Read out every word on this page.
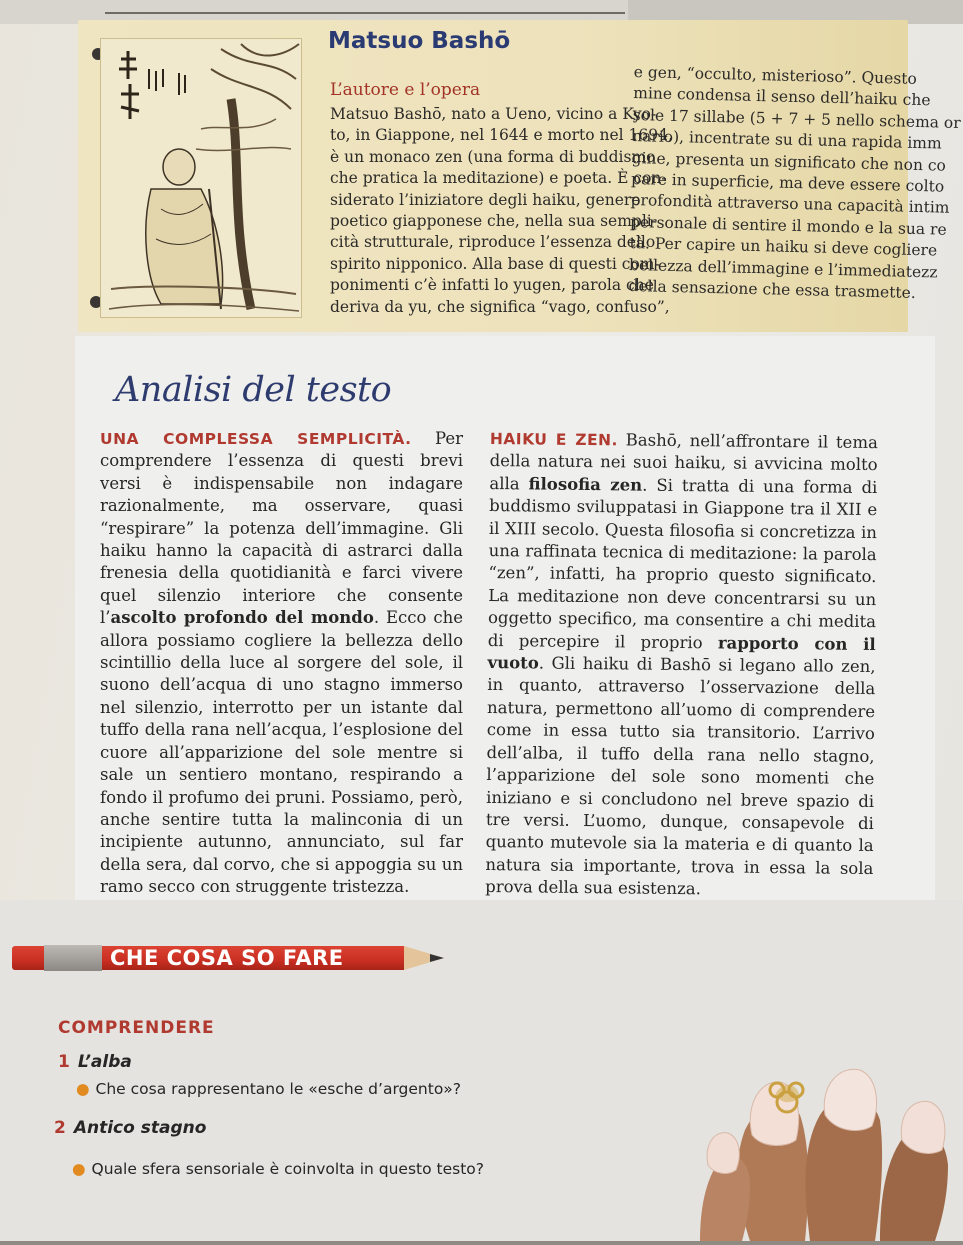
Matsuo Bashō
L’autore e l’opera
Matsuo Bashō, nato a Ueno, vicino a Kyo-
to, in Giappone, nel 1644 e morto nel 1694,
è un monaco zen (una forma di buddismo
che pratica la meditazione) e poeta. È con-
siderato l’iniziatore degli haiku, genere
poetico giapponese che, nella sua sempli-
cità strutturale, riproduce l’essenza dello
spirito nipponico. Alla base di questi com-
ponimenti c’è infatti lo yugen, parola che
deriva da yu, che significa “vago, confuso”,
e gen, “occulto, misterioso”. Questo
mine condensa il senso dell’haiku che
sole 17 sillabe (5 + 7 + 5 nello schema or
nario), incentrate su di una rapida imm
gine, presenta un significato che non co
pare in superficie, ma deve essere colto
profondità attraverso una capacità intim
personale di sentire il mondo e la sua re
tà. Per capire un haiku si deve cogliere
bellezza dell’immagine e l’immediatezz
della sensazione che essa trasmette.
Analisi del testo
UNA COMPLESSA SEMPLICITÀ. Per comprendere l’essenza di questi brevi versi è indispensabile non indagare razionalmente, ma osservare, quasi “respirare” la potenza dell’immagine. Gli haiku hanno la capacità di astrarci dalla frenesia della quotidianità e farci vivere quel silenzio interiore che consente l’ascolto profondo del mondo. Ecco che allora possiamo cogliere la bellezza dello scintillio della luce al sorgere del sole, il suono dell’acqua di uno stagno immerso nel silenzio, interrotto per un istante dal tuffo della rana nell’acqua, l’esplosione del cuore all’apparizione del sole mentre si sale un sentiero montano, respirando a fondo il profumo dei pruni. Possiamo, però, anche sentire tutta la malinconia di un incipiente autunno, annunciato, sul far della sera, dal corvo, che si appoggia su un ramo secco con struggente tristezza.
HAIKU E ZEN. Bashō, nell’affrontare il tema della natura nei suoi haiku, si avvicina molto alla filosofia zen. Si tratta di una forma di buddismo sviluppatasi in Giappone tra il XII e il XIII secolo. Questa filosofia si concretizza in una raffinata tecnica di meditazione: la parola “zen”, infatti, ha proprio questo significato. La meditazione non deve concentrarsi su un oggetto specifico, ma consentire a chi medita di percepire il proprio rapporto con il vuoto. Gli haiku di Bashō si legano allo zen, in quanto, attraverso l’osservazione della natura, permettono all’uomo di comprendere come in essa tutto sia transitorio. L’arrivo dell’alba, il tuffo della rana nello stagno, l’apparizione del sole sono momenti che iniziano e si concludono nel breve spazio di tre versi. L’uomo, dunque, consapevole di quanto mutevole sia la materia e di quanto la natura sia importante, trova in essa la sola prova della sua esistenza.
CHE COSA SO FARE
COMPRENDERE
1 L’alba
● Che cosa rappresentano le «esche d’argento»?
2 Antico stagno
● Quale sfera sensoriale è coinvolta in questo testo?
